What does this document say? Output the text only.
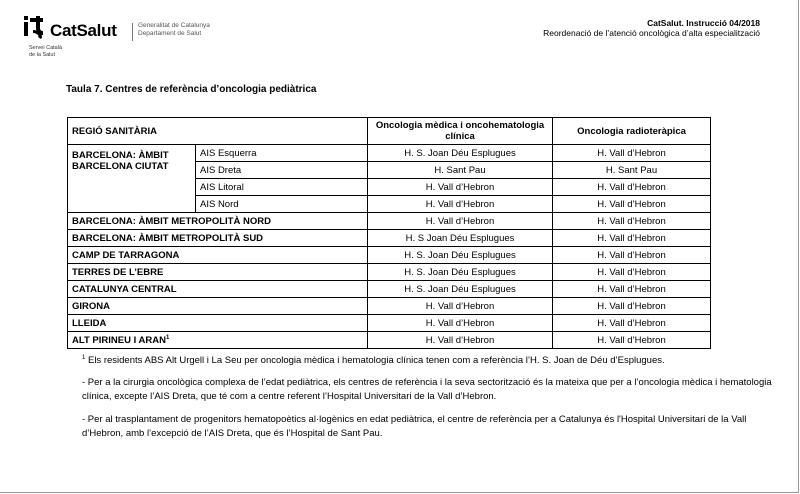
CatSalut	Generalitat de Catalunya
Departament de Salut
Servei Català
de la Salut
CatSalut. Instrucció 04/2018
Reordenació de l’atenció oncològica d’alta especialització
Taula 7. Centres de referència d’oncologia pediàtrica
REGIÓ SANITÀRIA		Oncologia mèdica i oncohematologia clínica	Oncologia radioteràpica
BARCELONA: ÀMBIT BARCELONA CIUTAT	AIS Esquerra	H. S. Joan Déu Esplugues	H. Vall d’Hebron
	AIS Dreta	H. Sant Pau	H. Sant Pau
	AIS Litoral	H. Vall d’Hebron	H. Vall d’Hebron
	AIS Nord	H. Vall d’Hebron	H. Vall d’Hebron
BARCELONA: ÀMBIT METROPOLITÀ NORD		H. Vall d’Hebron	H. Vall d’Hebron
BARCELONA: ÀMBIT METROPOLITÀ SUD		H. S Joan Déu Esplugues	H. Vall d’Hebron
CAMP DE TARRAGONA		H. S. Joan Déu Esplugues	H. Vall d’Hebron
TERRES DE L’EBRE		H. S. Joan Déu Esplugues	H. Vall d’Hebron
CATALUNYA CENTRAL		H. S. Joan Déu Esplugues	H. Vall d’Hebron
GIRONA		H. Vall d’Hebron	H. Vall d’Hebron
LLEIDA		H. Vall d’Hebron	H. Vall d’Hebron
ALT PIRINEU I ARAN$^1$		H. Vall d’Hebron	H. Vall d’Hebron

$^1$ Els residents ABS Alt Urgell i La Seu per oncologia mèdica i hematologia clínica tenen com a referència l’H. S. Joan de Déu d’Esplugues.

- Per a la cirurgia oncològica complexa de l’edat pediàtrica, els centres de referència i la seva sectorització és la mateixa que per a l’oncologia mèdica i hematologia clínica, excepte l’AIS Dreta, que té com a centre referent l’Hospital Universitari de la Vall d’Hebron.

- Per al trasplantament de progenitors hematopoètics al·logènics en edat pediàtrica, el centre de referència per a Catalunya és l'Hospital Universitari de la Vall d’Hebron, amb l’excepció de l’AIS Dreta, que és l’Hospital de Sant Pau.
